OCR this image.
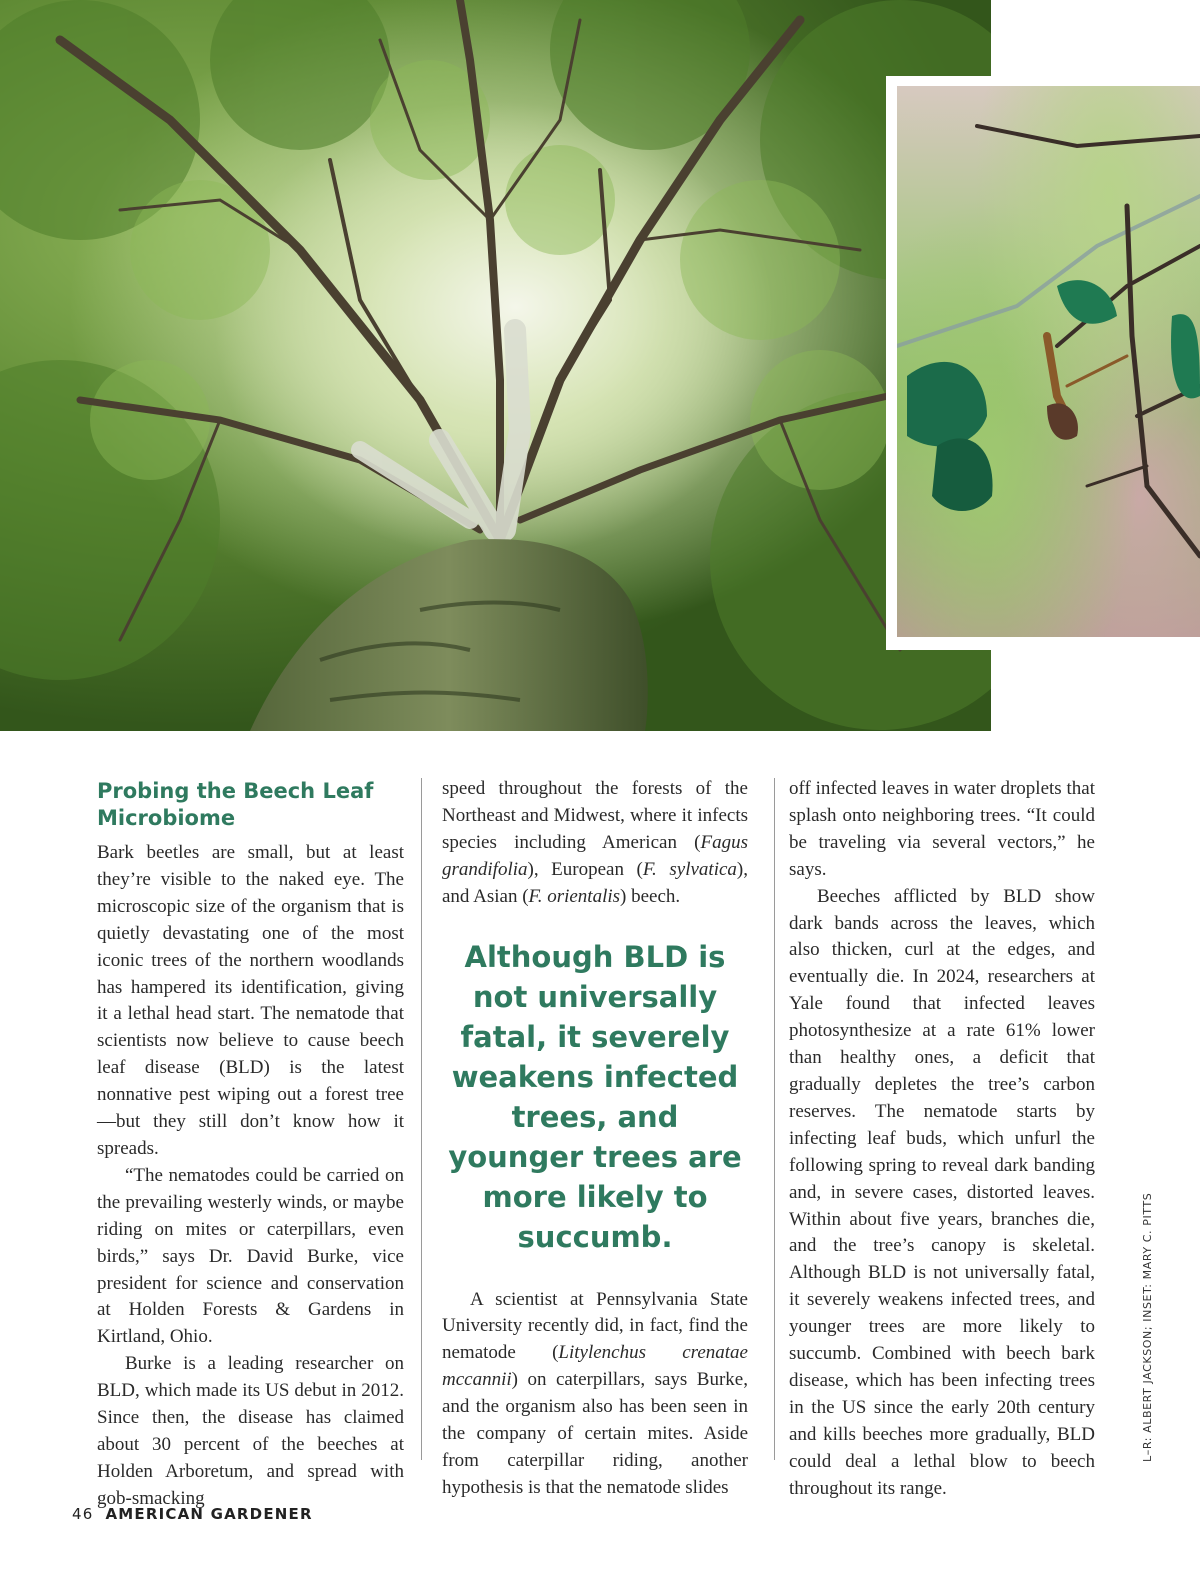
Probing the Beech Leaf Microbiome

Bark beetles are small, but at least they’re visible to the naked eye. The microscopic size of the organism that is quietly devastating one of the most iconic trees of the northern woodlands has hampered its identification, giving it a lethal head start. The nematode that scientists now believe to cause beech leaf disease (BLD) is the latest nonnative pest wiping out a forest tree—but they still don’t know how it spreads.

“The nematodes could be carried on the prevailing westerly winds, or maybe riding on mites or caterpillars, even birds,” says Dr. David Burke, vice president for science and conservation at Holden Forests & Gardens in Kirtland, Ohio.

Burke is a leading researcher on BLD, which made its US debut in 2012. Since then, the disease has claimed about 30 percent of the beeches at Holden Arboretum, and spread with gob-smacking

speed throughout the forests of the Northeast and Midwest, where it infects species including American (Fagus grandifolia), European (F. sylvatica), and Asian (F. orientalis) beech.

Although BLD is not universally fatal, it severely weakens infected trees, and younger trees are more likely to succumb.

A scientist at Pennsylvania State University recently did, in fact, find the nematode (Litylenchus crenatae mccannii) on caterpillars, says Burke, and the organism also has been seen in the company of certain mites. Aside from caterpillar riding, another hypothesis is that the nematode slides

off infected leaves in water droplets that splash onto neighboring trees. “It could be traveling via several vectors,” he says.

Beeches afflicted by BLD show dark bands across the leaves, which also thicken, curl at the edges, and eventually die. In 2024, researchers at Yale found that infected leaves photosynthesize at a rate 61% lower than healthy ones, a deficit that gradually depletes the tree’s carbon reserves. The nematode starts by infecting leaf buds, which unfurl the following spring to reveal dark banding and, in severe cases, distorted leaves. Within about five years, branches die, and the tree’s canopy is skeletal. Although BLD is not universally fatal, it severely weakens infected trees, and younger trees are more likely to succumb. Combined with beech bark disease, which has been infecting trees in the US since the early 20th century and kills beeches more gradually, BLD could deal a lethal blow to beech throughout its range.

L–R: ALBERT JACKSON; INSET: MARY C. PITTS
46 AMERICAN GARDENER
